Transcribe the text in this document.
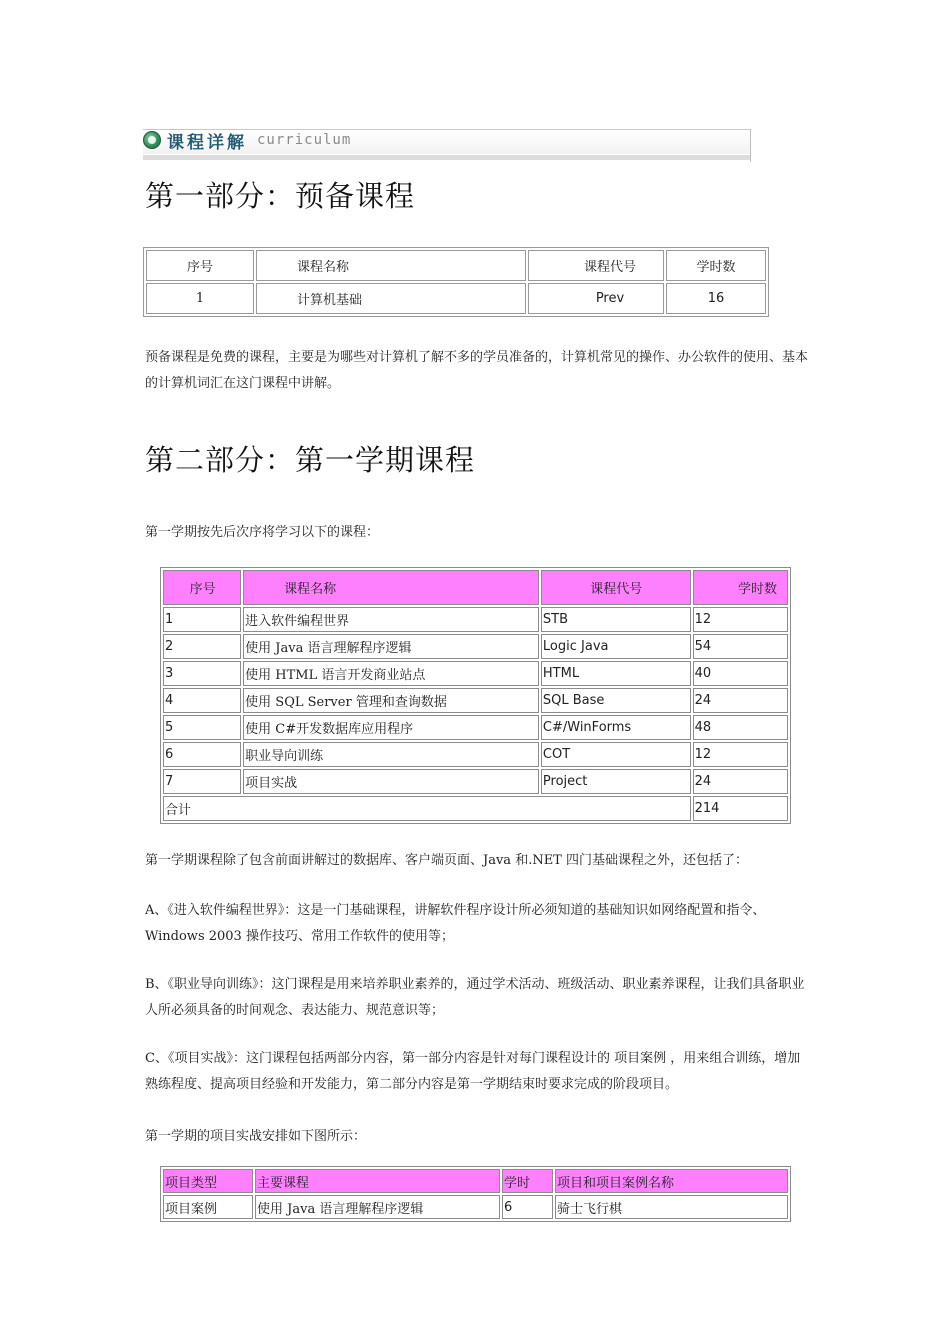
课程详解 curriculum
第一部分：预备课程
序号	课程名称	课程代号	学时数
1	计算机基础	Prev	16

预备课程是免费的课程，主要是为哪些对计算机了解不多的学员准备的，计算机常见的操作、办公软件的使用、基本的计算机词汇在这门课程中讲解。

第二部分：第一学期课程

第一学期按先后次序将学习以下的课程：

序号	课程名称	课程代号	学时数
1	进入软件编程世界	STB	12
2	使用 Java 语言理解程序逻辑	Logic Java	54
3	使用 HTML 语言开发商业站点	HTML	40
4	使用 SQL Server 管理和查询数据	SQL Base	24
5	使用 C#开发数据库应用程序	C#/WinForms	48
6	职业导向训练	COT	12
7	项目实战	Project	24
合计			214

第一学期课程除了包含前面讲解过的数据库、客户端页面、Java 和.NET 四门基础课程之外，还包括了：

A、《进入软件编程世界》：这是一门基础课程，讲解软件程序设计所必须知道的基础知识如网络配置和指令、Windows 2003 操作技巧、常用工作软件的使用等；

B、《职业导向训练》：这门课程是用来培养职业素养的，通过学术活动、班级活动、职业素养课程，让我们具备职业人所必须具备的时间观念、表达能力、规范意识等；

C、《项目实战》：这门课程包括两部分内容，第一部分内容是针对每门课程设计的 项目案例 ，用来组合训练，增加熟练程度、提高项目经验和开发能力，第二部分内容是第一学期结束时要求完成的阶段项目。

第一学期的项目实战安排如下图所示：

项目类型	主要课程	学时	项目和项目案例名称
项目案例	使用 Java 语言理解程序逻辑	6	骑士飞行棋
